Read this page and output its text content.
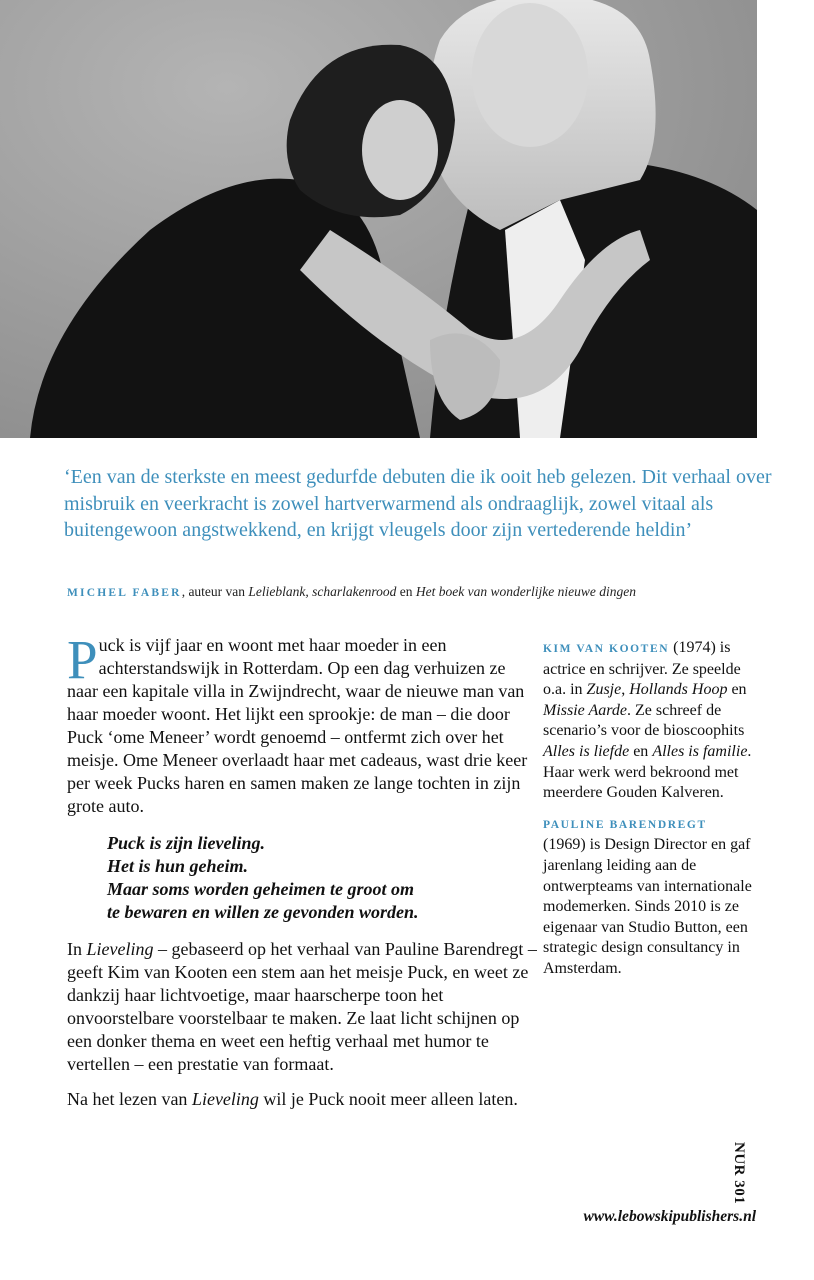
‘Een van de sterkste en meest gedurfde debuten die ik ooit heb gelezen. Dit verhaal over misbruik en veerkracht is zowel hartverwarmend als ondraaglijk, zowel vitaal als buitengewoon angstwekkend, en krijgt vleugels door zijn vertederende heldin’

MICHEL FABER, auteur van Lelieblank, scharlakenrood en Het boek van wonderlijke nieuwe dingen

Puck is vijf jaar en woont met haar moeder in een achterstandswijk in Rotterdam. Op een dag verhuizen ze naar een kapitale villa in Zwijndrecht, waar de nieuwe man van haar moeder woont. Het lijkt een sprookje: de man – die door Puck ‘ome Meneer’ wordt genoemd – ontfermt zich over het meisje. Ome Meneer overlaadt haar met cadeaus, wast drie keer per week Pucks haren en samen maken ze lange tochten in zijn grote auto.

Puck is zijn lieveling.
Het is hun geheim.
Maar soms worden geheimen te groot om
te bewaren en willen ze gevonden worden.

In Lieveling – gebaseerd op het verhaal van Pauline Barendregt – geeft Kim van Kooten een stem aan het meisje Puck, en weet ze dankzij haar lichtvoetige, maar haarscherpe toon het onvoorstelbare voorstelbaar te maken. Ze laat licht schijnen op een donker thema en weet een heftig verhaal met humor te vertellen – een prestatie van formaat.

Na het lezen van Lieveling wil je Puck nooit meer alleen laten.

KIM VAN KOOTEN (1974) is actrice en schrijver. Ze speelde o.a. in Zusje, Hollands Hoop en Missie Aarde. Ze schreef de scenario’s voor de bioscoophits Alles is liefde en Alles is familie. Haar werk werd bekroond met meerdere Gouden Kalveren.

PAULINE BARENDREGT
(1969) is Design Director en gaf jarenlang leiding aan de ontwerpteams van internationale modemerken. Sinds 2010 is ze eigenaar van Studio Button, een strategic design consultancy in Amsterdam.

NUR 301
www.lebowskipublishers.nl
